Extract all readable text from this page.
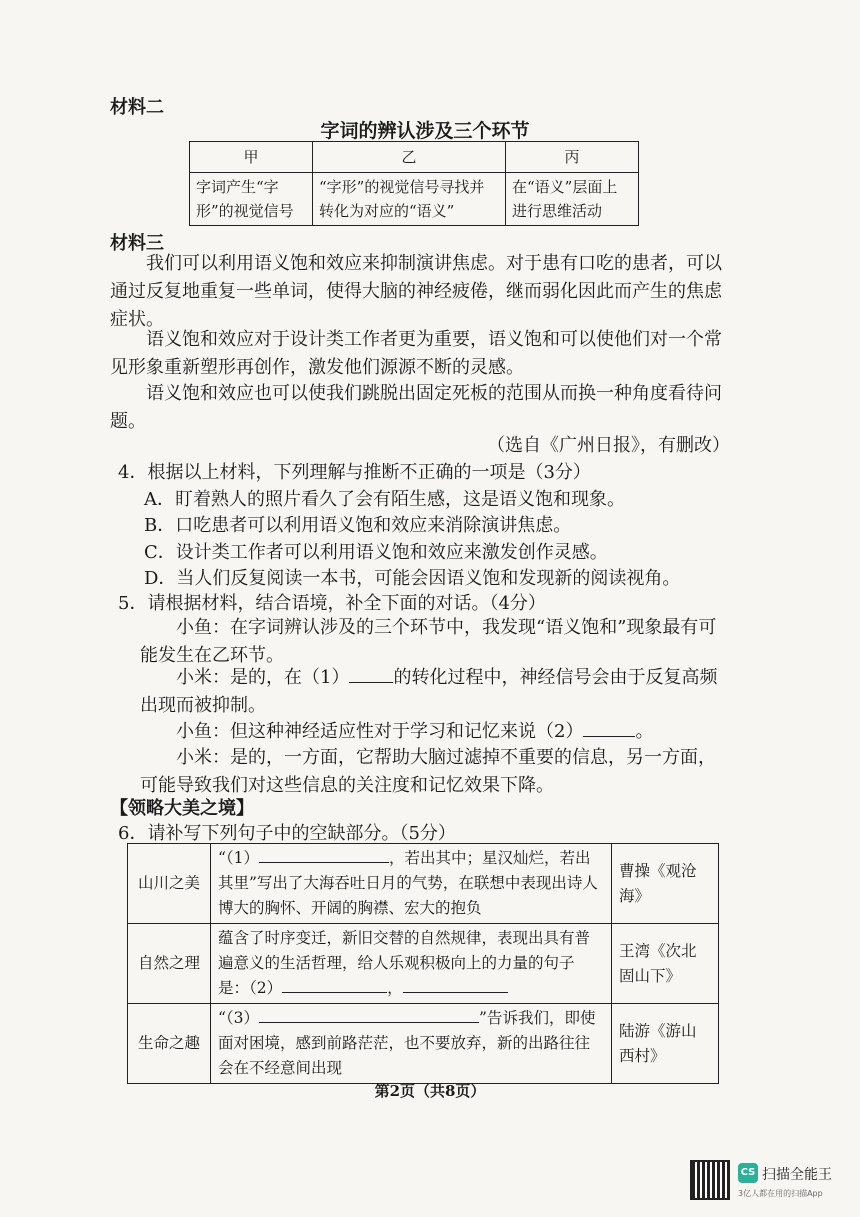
材料二
字词的辨认涉及三个环节
甲	乙	丙
字词产生“字形”的视觉信号	“字形”的视觉信号寻找并转化为对应的“语义”	在“语义”层面上进行思维活动
材料三

我们可以利用语义饱和效应来抑制演讲焦虑。对于患有口吃的患者，可以通过反复地重复一些单词，使得大脑的神经疲倦，继而弱化因此而产生的焦虑症状。

语义饱和效应对于设计类工作者更为重要，语义饱和可以使他们对一个常见形象重新塑形再创作，激发他们源源不断的灵感。

语义饱和效应也可以使我们跳脱出固定死板的范围从而换一种角度看待问题。

（选自《广州日报》，有删改）
4．根据以上材料，下列理解与推断不正确的一项是（3分）
A．盯着熟人的照片看久了会有陌生感，这是语义饱和现象。
B．口吃患者可以利用语义饱和效应来消除演讲焦虑。
C．设计类工作者可以利用语义饱和效应来激发创作灵感。
D．当人们反复阅读一本书，可能会因语义饱和发现新的阅读视角。
5．请根据材料，结合语境，补全下面的对话。（4分）

小鱼：在字词辨认涉及的三个环节中，我发现“语义饱和”现象最有可能发生在乙环节。

小米：是的，在（1） 的转化过程中，神经信号会由于反复高频出现而被抑制。

小鱼：但这种神经适应性对于学习和记忆来说（2）	。

小米：是的，一方面，它帮助大脑过滤掉不重要的信息，另一方面，可能导致我们对这些信息的关注度和记忆效果下降。

【领略大美之境】
6．请补写下列句子中的空缺部分。（5分）
山川之美	“（1） ，若出其中；星汉灿烂，若出其里”写出了大海吞吐日月的气势，在联想中表现出诗人博大的胸怀、开阔的胸襟、宏大的抱负	曹操《观沧海》
自然之理	蕴含了时序变迁，新旧交替的自然规律，表现出具有普遍意义的生活哲理，给人乐观积极向上的力量的句子是：（2） ，	王湾《次北固山下》
生命之趣	“（3） ”告诉我们，即使面对困境，感到前路茫茫，也不要放弃，新的出路往往会在不经意间出现	陆游《游山西村》
第2页（共8页）
CS 扫描全能王
3亿人都在用的扫描App
